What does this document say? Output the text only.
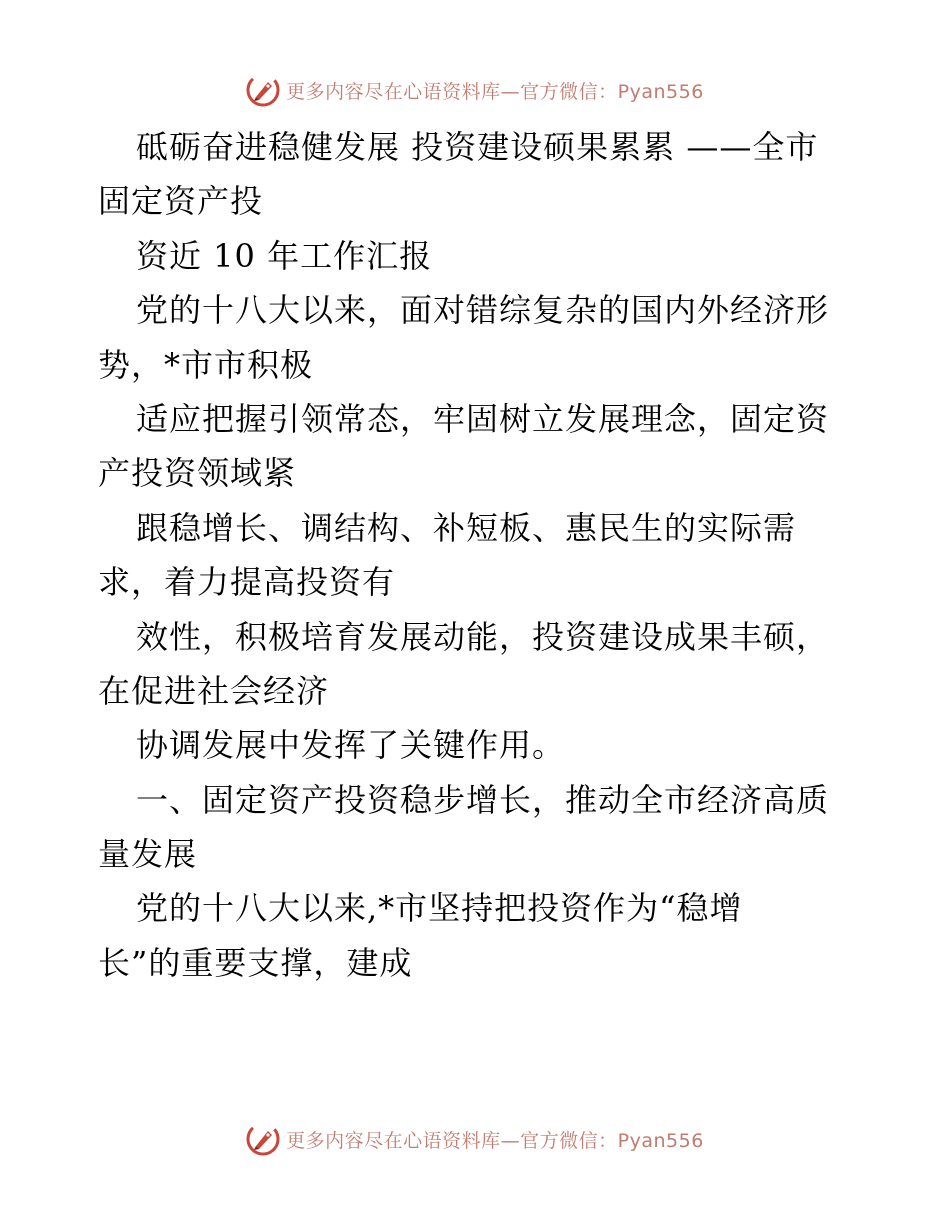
更多内容尽在心语资料库—官方微信：Pyan556
砥砺奋进稳健发展 投资建设硕果累累 ——全市
固定资产投
资近 10 年工作汇报
党的十八大以来，面对错综复杂的国内外经济形
势，*市市积极
适应把握引领常态，牢固树立发展理念，固定资
产投资领域紧
跟稳增长、调结构、补短板、惠民生的实际需
求，着力提高投资有
效性，积极培育发展动能，投资建设成果丰硕，
在促进社会经济
协调发展中发挥了关键作用。
一、固定资产投资稳步增长，推动全市经济高质
量发展
党的十八大以来,*市坚持把投资作为“稳增
长”的重要支撑，建成
更多内容尽在心语资料库—官方微信：Pyan556
